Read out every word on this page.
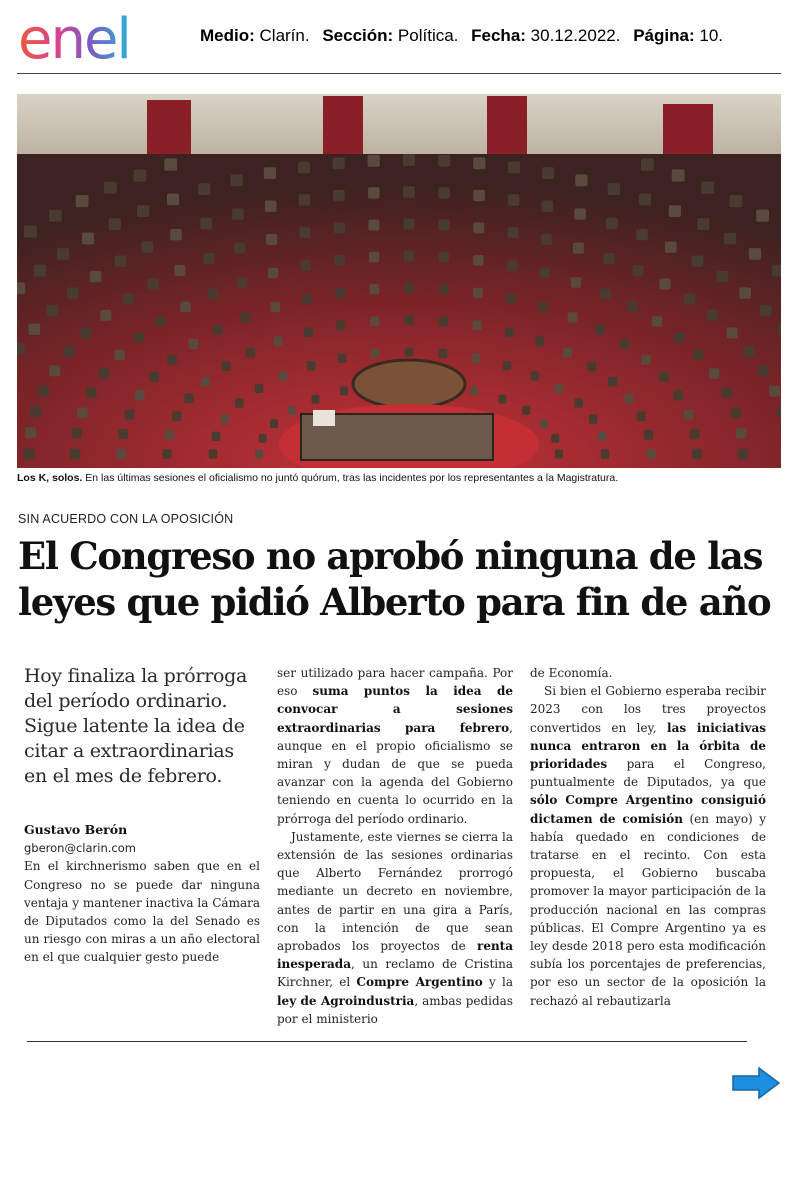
enel	Medio: Clarín. Sección: Política. Fecha: 30.12.2022. Página: 10.
Los K, solos. En las últimas sesiones el oficialismo no juntó quórum, tras las incidentes por los representantes a la Magistratura.
SIN ACUERDO CON LA OPOSICIÓN
El Congreso no aprobó ninguna de las
leyes que pidió Alberto para fin de año
Hoy finaliza la prórroga
del período ordinario.
Sigue latente la idea de
citar a extraordinarias
en el mes de febrero.

Gustavo Berón

gberon@clarin.com

En el kirchnerismo saben que en el Congreso no se puede dar ninguna ventaja y mantener inactiva la Cámara de Diputados como la del Senado es un riesgo con miras a un año electoral en el que cualquier gesto puede

ser utilizado para hacer campaña. Por eso suma puntos la idea de convocar a sesiones extraordinarias para febrero, aunque en el propio oficialismo se miran y dudan de que se pueda avanzar con la agenda del Gobierno teniendo en cuenta lo ocurrido en la prórroga del período ordinario.

Justamente, este viernes se cierra la extensión de las sesiones ordinarias que Alberto Fernández prorrogó mediante un decreto en noviembre, antes de partir en una gira a París, con la intención de que sean aprobados los proyectos de renta inesperada, un reclamo de Cristina Kirchner, el Compre Argentino y la ley de Agroindustria, ambas pedidas por el ministerio

de Economía.

Si bien el Gobierno esperaba recibir 2023 con los tres proyectos convertidos en ley, las iniciativas nunca entraron en la órbita de prioridades para el Congreso, puntualmente de Diputados, ya que sólo Compre Argentino consiguió dictamen de comisión (en mayo) y había quedado en condiciones de tratarse en el recinto. Con esta propuesta, el Gobierno buscaba promover la mayor participación de la producción nacional en las compras públicas. El Compre Argentino ya es ley desde 2018 pero esta modificación subía los porcentajes de preferencias, por eso un sector de la oposición la rechazó al rebautizarla
